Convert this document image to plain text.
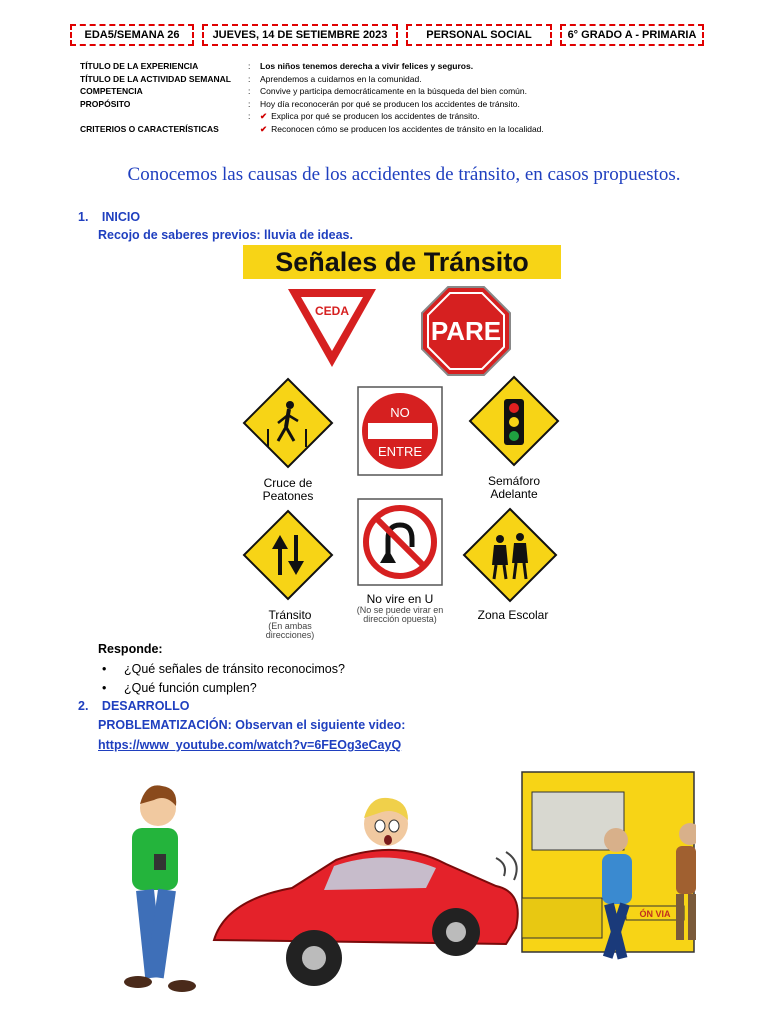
EDA5/SEMANA 26	JUEVES, 14 DE SETIEMBRE 2023	PERSONAL SOCIAL	6° GRADO A - PRIMARIA
TÍTULO DE LA EXPERIENCIA	:	Los niños tenemos derecha a vivir felices y seguros.
TÍTULO DE LA ACTIVIDAD SEMANAL	:	Aprendemos a cuidarnos en la comunidad.
COMPETENCIA	:	Convive y participa democráticamente en la búsqueda del bien común.
PROPÓSITO	:	Hoy día reconocerán por qué se producen los accidentes de tránsito.
:	✔ Explica por qué se producen los accidentes de tránsito.
CRITERIOS O CARACTERÍSTICAS	✔ Reconocen cómo se producen los accidentes de tránsito en la localidad.
Conocemos las causas de los accidentes de tránsito, en casos propuestos.
1. INICIO
Recojo de saberes previos: lluvia de ideas.
Señales de Tránsito
CEDA
PARE
NO
ENTRE
Cruce de
Peatones
Semáforo
Adelante
Tránsito
(En ambas
direcciones)
No vire en U
(No se puede virar en
dirección opuesta)	Zona Escolar
Responde:
• ¿Qué señales de tránsito reconocimos?
• ¿Qué función cumplen?
2. DESARROLLO
PROBLEMATIZACIÓN: Observan el siguiente video:
https://www_youtube.com/watch?v=6FEOg3eCayQ
ÓN VIA
